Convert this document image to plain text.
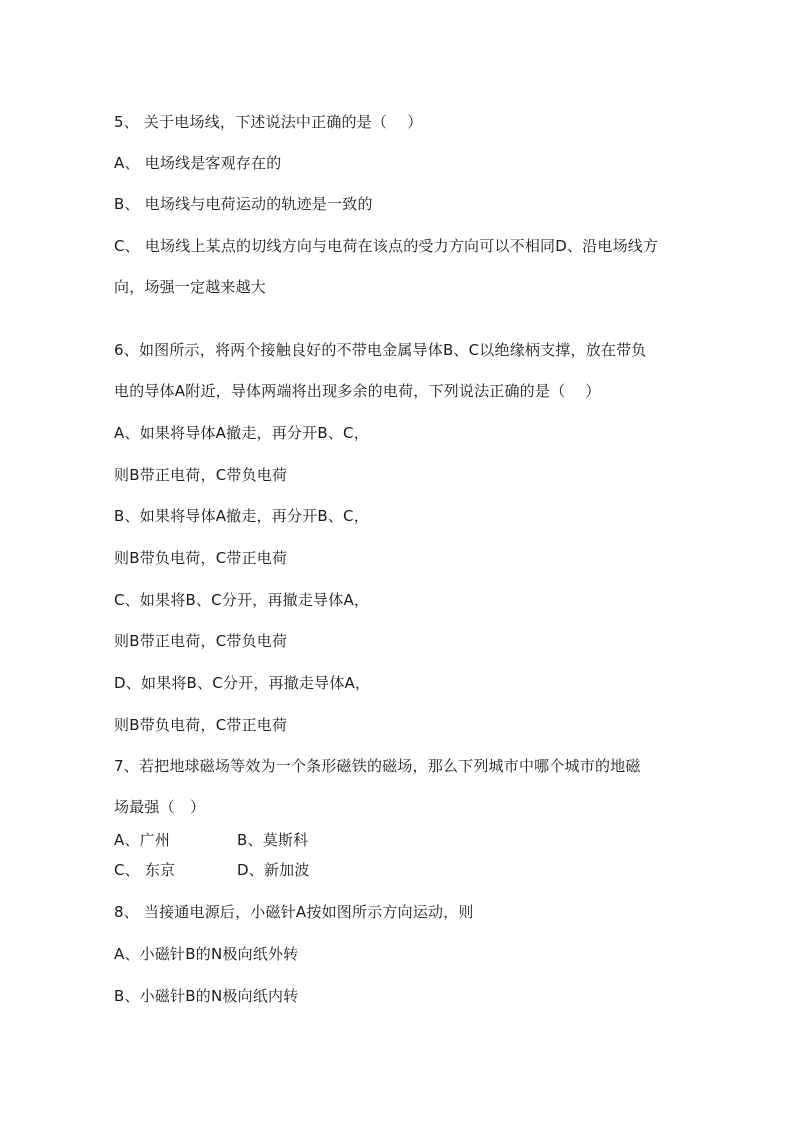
5、 关于电场线，下述说法中正确的是（　 ）
A、 电场线是客观存在的
B、 电场线与电荷运动的轨迹是一致的
C、 电场线上某点的切线方向与电荷在该点的受力方向可以不相同D、沿电场线方
向，场强一定越来越大
6、如图所示，将两个接触良好的不带电金属导体B、C以绝缘柄支撑，放在带负
电的导体A附近，导体两端将出现多余的电荷，下列说法正确的是（　 ）
A、如果将导体A撤走，再分开B、C，
则B带正电荷，C带负电荷
B、如果将导体A撤走，再分开B、C，
则B带负电荷，C带正电荷
C、如果将B、C分开，再撤走导体A，
则B带正电荷，C带负电荷
D、如果将B、C分开，再撤走导体A，
则B带负电荷，C带正电荷
7、若把地球磁场等效为一个条形磁铁的磁场，那么下列城市中哪个城市的地磁
场最强（　）
A、广州	B、莫斯科
C、 东京	D、新加波
8、 当接通电源后，小磁针A按如图所示方向运动，则
A、小磁针B的N极向纸外转
B、小磁针B的N极向纸内转
